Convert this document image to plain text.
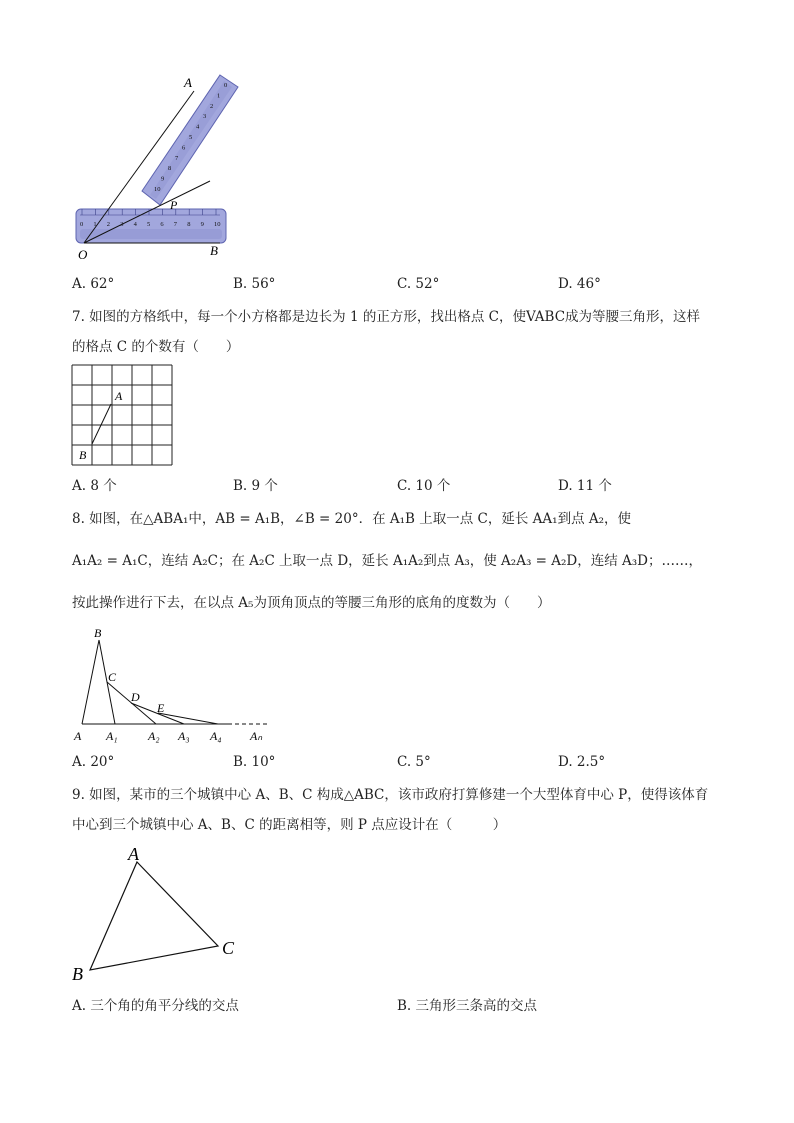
0
1
2
3
4
5
6
7
8
9
10
0 1 2 3 4 5 6 7 8 9 10
A
O	B
P
A. 62°	B. 56°	C. 52°	D. 46°
7. 如图的方格纸中，每一个小方格都是边长为 1 的正方形，找出格点 C，使VABC成为等腰三角形，这样
的格点 C 的个数有（　　）
A
B
A. 8 个	B. 9 个	C. 10 个	D. 11 个
8. 如图，在△ABA₁中，AB = A₁B，∠B = 20°．在 A₁B 上取一点 C，延长 AA₁到点 A₂，使
A₁A₂ = A₁C，连结 A₂C；在 A₂C 上取一点 D，延长 A₁A₂到点 A₃，使 A₂A₃ = A₂D，连结 A₃D；……，
按此操作进行下去，在以点 A₅为顶角顶点的等腰三角形的底角的度数为（　　）
B
C
D
E
A A₁	A₂ A₃ A₄ Aₙ
A. 20°	B. 10°	C. 5°	D. 2.5°
9. 如图，某市的三个城镇中心 A、B、C 构成△ABC，该市政府打算修建一个大型体育中心 P，使得该体育
中心到三个城镇中心 A、B、C 的距离相等，则 P 点应设计在（　　　）
A
C
B
A. 三个角的角平分线的交点	B. 三角形三条高的交点
